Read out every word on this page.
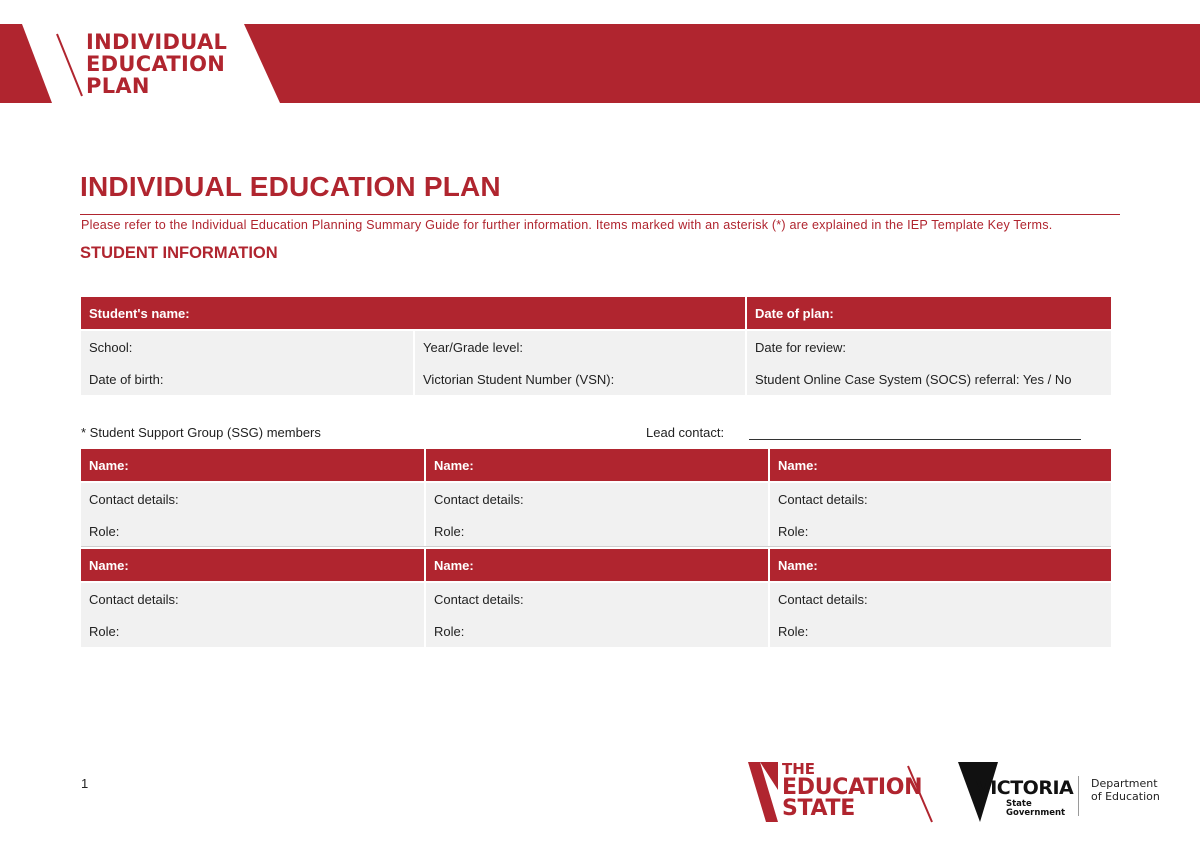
INDIVIDUAL
EDUCATION
PLAN
INDIVIDUAL EDUCATION PLAN
Please refer to the Individual Education Planning Summary Guide for further information. Items marked with an asterisk (*) are explained in the IEP Template Key Terms.
STUDENT INFORMATION
Student's name:		Date of plan:
School:	Year/Grade level:	Date for review:
Date of birth:	Victorian Student Number (VSN):	Student Online Case System (SOCS) referral: Yes / No
* Student Support Group (SSG) members	Lead contact:
Name:	Name:	Name:
Contact details:	Contact details:	Contact details:
Role:	Role:	Role:
Name:	Name:	Name:
Contact details:	Contact details:	Contact details:
Role:	Role:	Role:
1
THE
EDUCATION
STATE
VICTORIA
State
Government
Department
of Education
